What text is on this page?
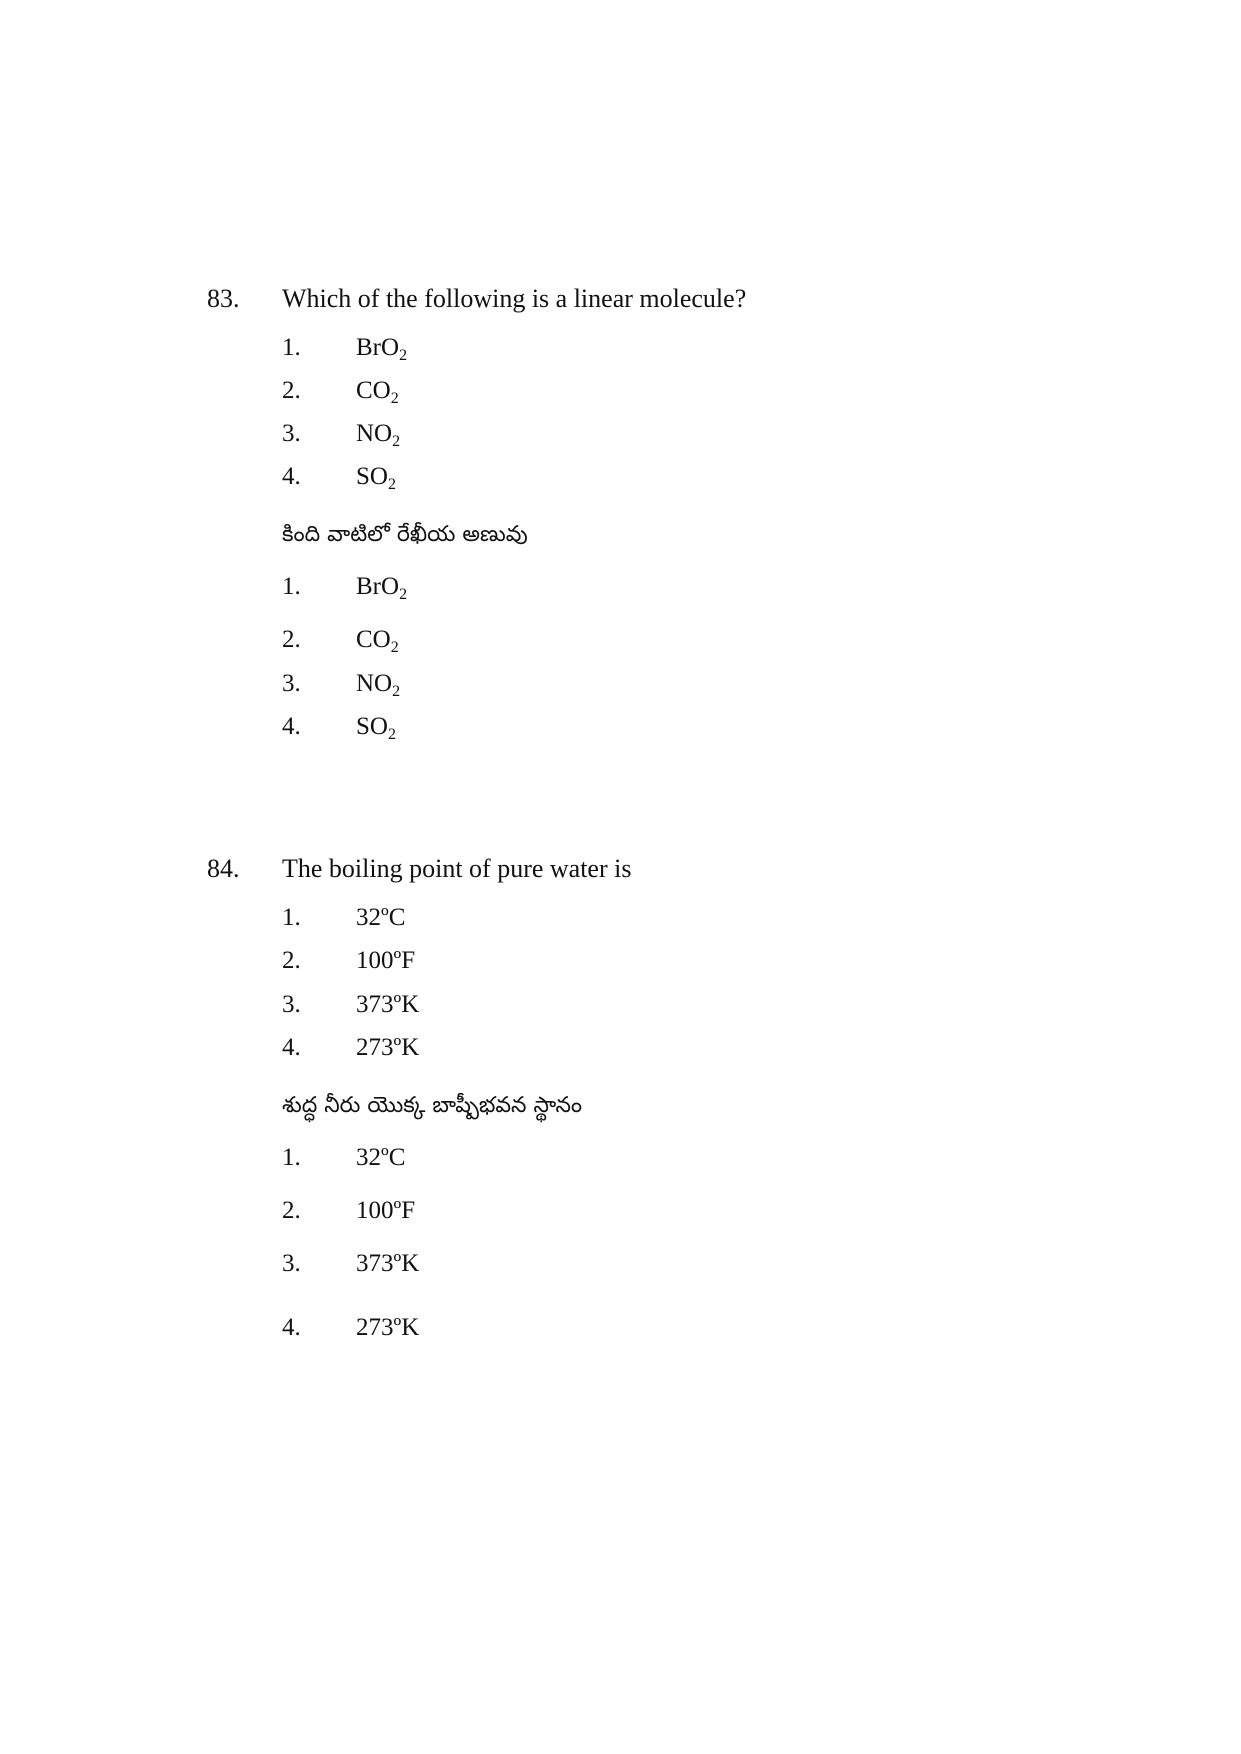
83. Which of the following is a linear molecule?
1. BrO$_2$
2. $CO_2$
3. $NO_2$
4. $SO_2$
కింది వాటిలో రేఖీయ అణువు
1. BrO$_2$
2. $CO_2$
3. $NO_2$
4. $SO_2$
84. The boiling point of pure water is
1. 32ºC
2. 100ºF
3. 373ºK
4. 273ºK
శుద్ధ నీరు యొక్క బాష్పీభవన స్థానం
1. 32ºC
2. 100ºF
3. 373ºK
4. 273ºK
